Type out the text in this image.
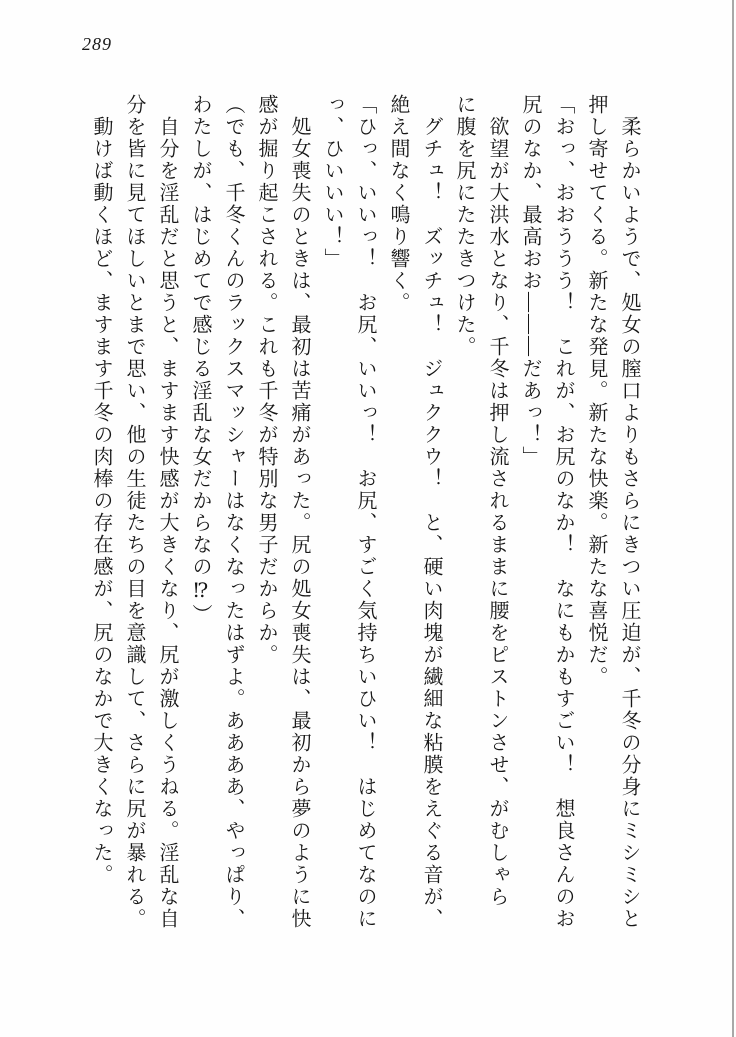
289
　柔らかいようで、処女の膣口よりもさらにきつい圧迫が、千冬の分身にミシミシと
押し寄せてくる。新たな発見。新たな快楽。新たな喜悦だ。
「おっ、おおううう！　これが、お尻のなか！　なにもかもすごい！　想良さんのお
尻のなか、最高おお―――だあっ！」
　欲望が大洪水となり、千冬は押し流されるままに腰をピストンさせ、がむしゃら
に腹を尻にたたきつけた。
　グチュ！　ズッチュ！　ジュククウ！　と、硬い肉塊が繊細な粘膜をえぐる音が、
絶え間なく鳴り響く。
「ひっ、いいっ！　お尻、いいっ！　お尻、すごく気持ちいひい！　はじめてなのに
っ、ひいいい！」
　処女喪失のときは、最初は苦痛があった。尻の処女喪失は、最初から夢のように快
感が掘り起こされる。これも千冬が特別な男子だからか。
（でも、千冬くんのラックスマッシャーはなくなったはずよ。ああああ、やっぱり、
わたしが、はじめてで感じる淫乱な女だからなの⁉）
　自分を淫乱だと思うと、ますます快感が大きくなり、尻が激しくうねる。淫乱な自
分を皆に見てほしいとまで思い、他の生徒たちの目を意識して、さらに尻が暴れる。
　動けば動くほど、ますます千冬の肉棒の存在感が、尻のなかで大きくなった。
